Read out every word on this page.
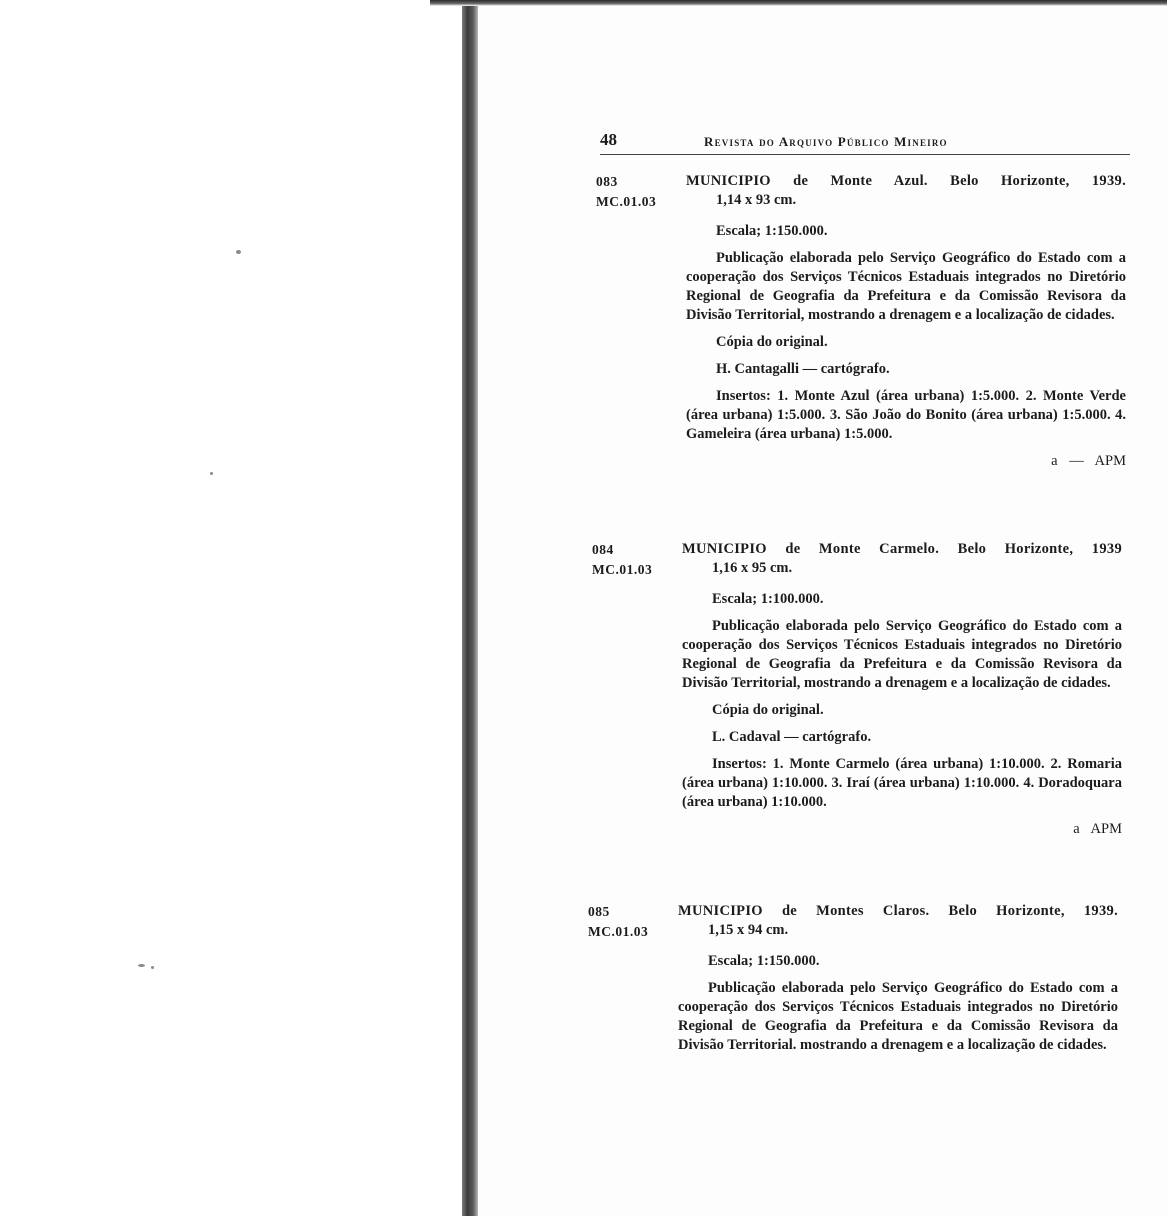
48	Revista do Arquivo Público Mineiro
083
MC.01.03

MUNICIPIO de Monte Azul. Belo Horizonte, 1939.

1,14 x 93 cm.

Escala; 1:150.000.

Publicação elaborada pelo Serviço Geográfico do Estado com a cooperação dos Serviços Técnicos Estaduais integrados no Diretório Regional de Geografia da Prefeitura e da Comissão Revisora da Divisão Territorial, mostrando a drenagem e a localização de cidades.

Cópia do original.

H. Cantagalli — cartógrafo.

Insertos: 1. Monte Azul (área urbana) 1:5.000. 2. Monte Verde (área urbana) 1:5.000. 3. São João do Bonito (área urbana) 1:5.000. 4. Gameleira (área urbana) 1:5.000.

a — APM

084
MC.01.03

MUNICIPIO de Monte Carmelo. Belo Horizonte, 1939

1,16 x 95 cm.

Escala; 1:100.000.

Publicação elaborada pelo Serviço Geográfico do Estado com a cooperação dos Serviços Técnicos Estaduais integrados no Diretório Regional de Geografia da Prefeitura e da Comissão Revisora da Divisão Territorial, mostrando a drenagem e a localização de cidades.

Cópia do original.

L. Cadaval — cartógrafo.

Insertos: 1. Monte Carmelo (área urbana) 1:10.000. 2. Romaria (área urbana) 1:10.000. 3. Iraí (área urbana) 1:10.000. 4. Doradoquara (área urbana) 1:10.000.

a APM

085
MC.01.03

MUNICIPIO de Montes Claros. Belo Horizonte, 1939.

1,15 x 94 cm.

Escala; 1:150.000.

Publicação elaborada pelo Serviço Geográfico do Estado com a cooperação dos Serviços Técnicos Estaduais integrados no Diretório Regional de Geografia da Prefeitura e da Comissão Revisora da Divisão Territorial. mostrando a drenagem e a localização de cidades.
